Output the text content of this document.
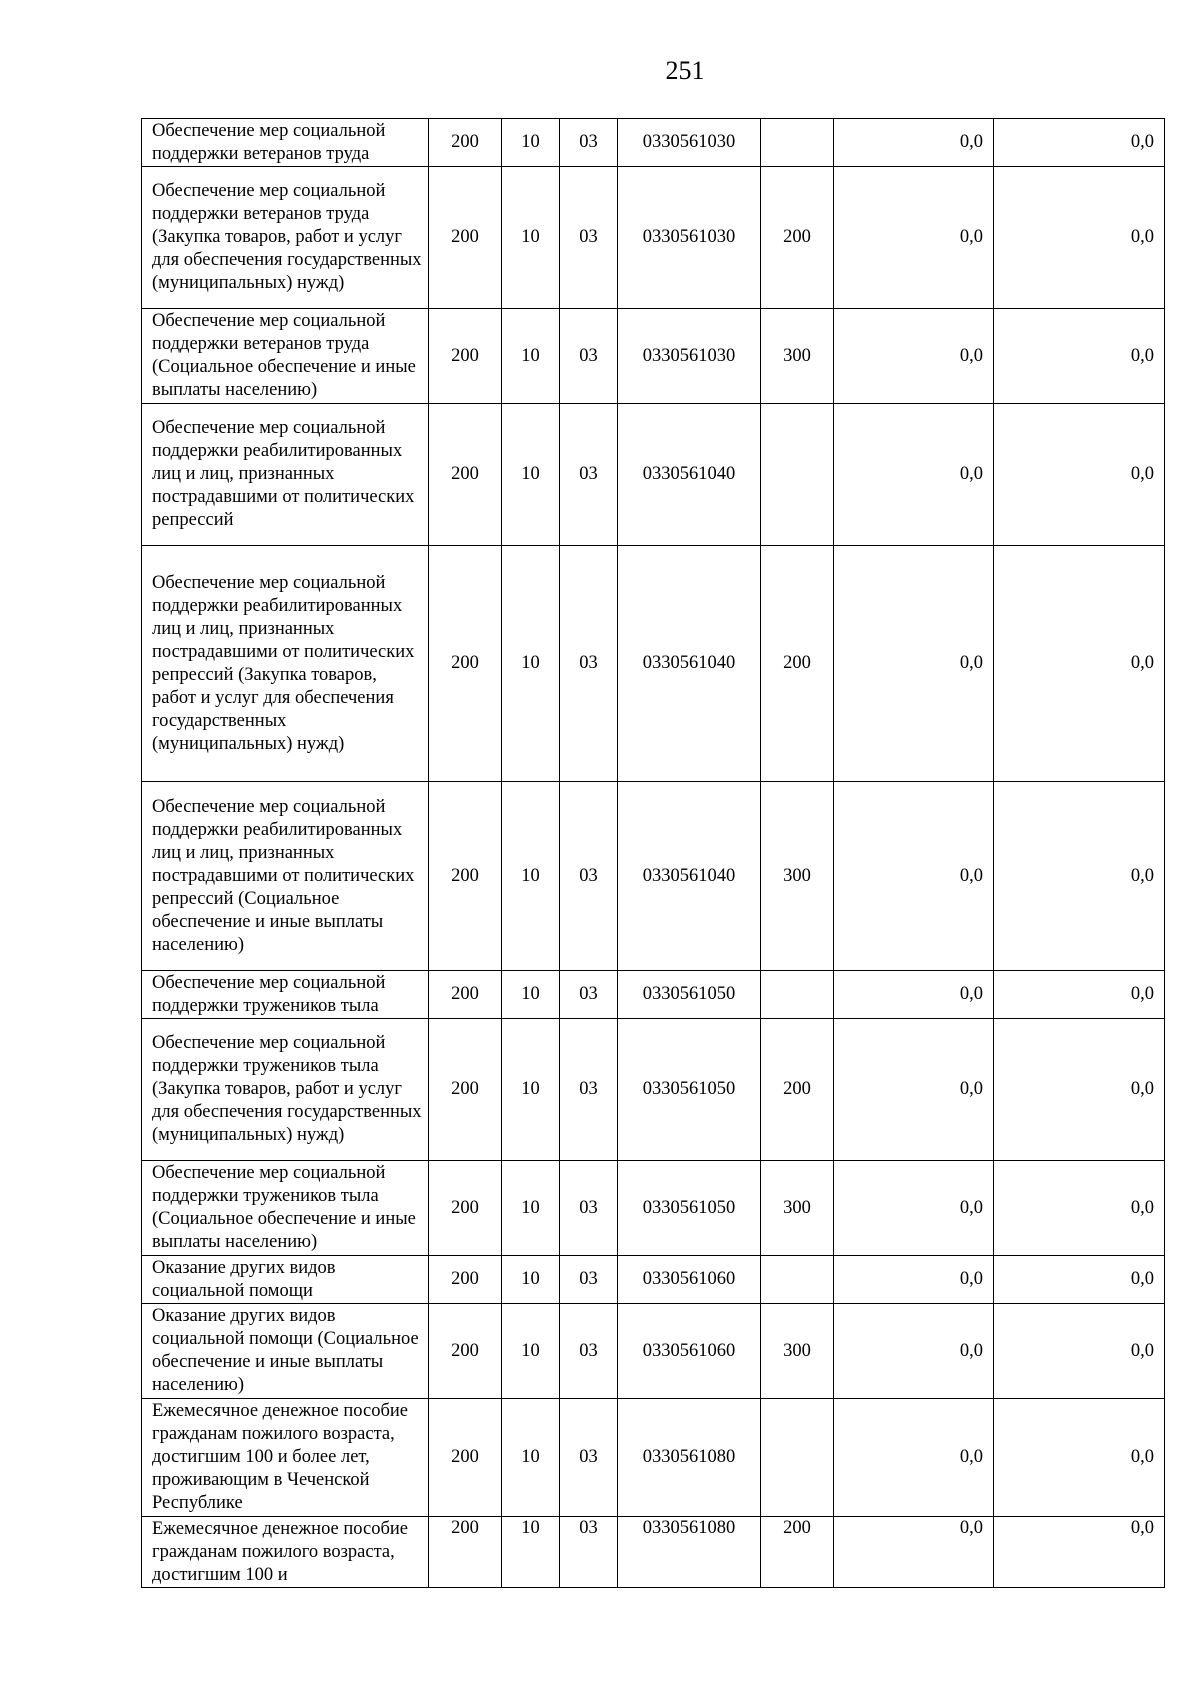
251
Обеспечение мер социальной поддержки ветеранов труда	200	10	03	0330561030		0,0	0,0
Обеспечение мер социальной поддержки ветеранов труда (Закупка товаров, работ и услуг для обеспечения государственных (муниципальных) нужд)	200	10	03	0330561030	200	0,0	0,0
Обеспечение мер социальной поддержки ветеранов труда (Социальное обеспечение и иные выплаты населению)	200	10	03	0330561030	300	0,0	0,0
Обеспечение мер социальной поддержки реабилитированных лиц и лиц, признанных пострадавшими от политических репрессий	200	10	03	0330561040		0,0	0,0
Обеспечение мер социальной поддержки реабилитированных лиц и лиц, признанных пострадавшими от политических репрессий (Закупка товаров, работ и услуг для обеспечения государственных (муниципальных) нужд)	200	10	03	0330561040	200	0,0	0,0
Обеспечение мер социальной поддержки реабилитированных лиц и лиц, признанных пострадавшими от политических репрессий (Социальное обеспечение и иные выплаты населению)	200	10	03	0330561040	300	0,0	0,0
Обеспечение мер социальной поддержки тружеников тыла	200	10	03	0330561050		0,0	0,0
Обеспечение мер социальной поддержки тружеников тыла (Закупка товаров, работ и услуг для обеспечения государственных (муниципальных) нужд)	200	10	03	0330561050	200	0,0	0,0
Обеспечение мер социальной поддержки тружеников тыла (Социальное обеспечение и иные выплаты населению)	200	10	03	0330561050	300	0,0	0,0
Оказание других видов социальной помощи	200	10	03	0330561060		0,0	0,0
Оказание других видов социальной помощи (Социальное обеспечение и иные выплаты населению)	200	10	03	0330561060	300	0,0	0,0
Ежемесячное денежное пособие гражданам пожилого возраста, достигшим 100 и более лет, проживающим в Чеченской Республике	200	10	03	0330561080		0,0	0,0
Ежемесячное денежное пособие гражданам пожилого возраста, достигшим 100 и	200	10	03	0330561080	200	0,0	0,0
